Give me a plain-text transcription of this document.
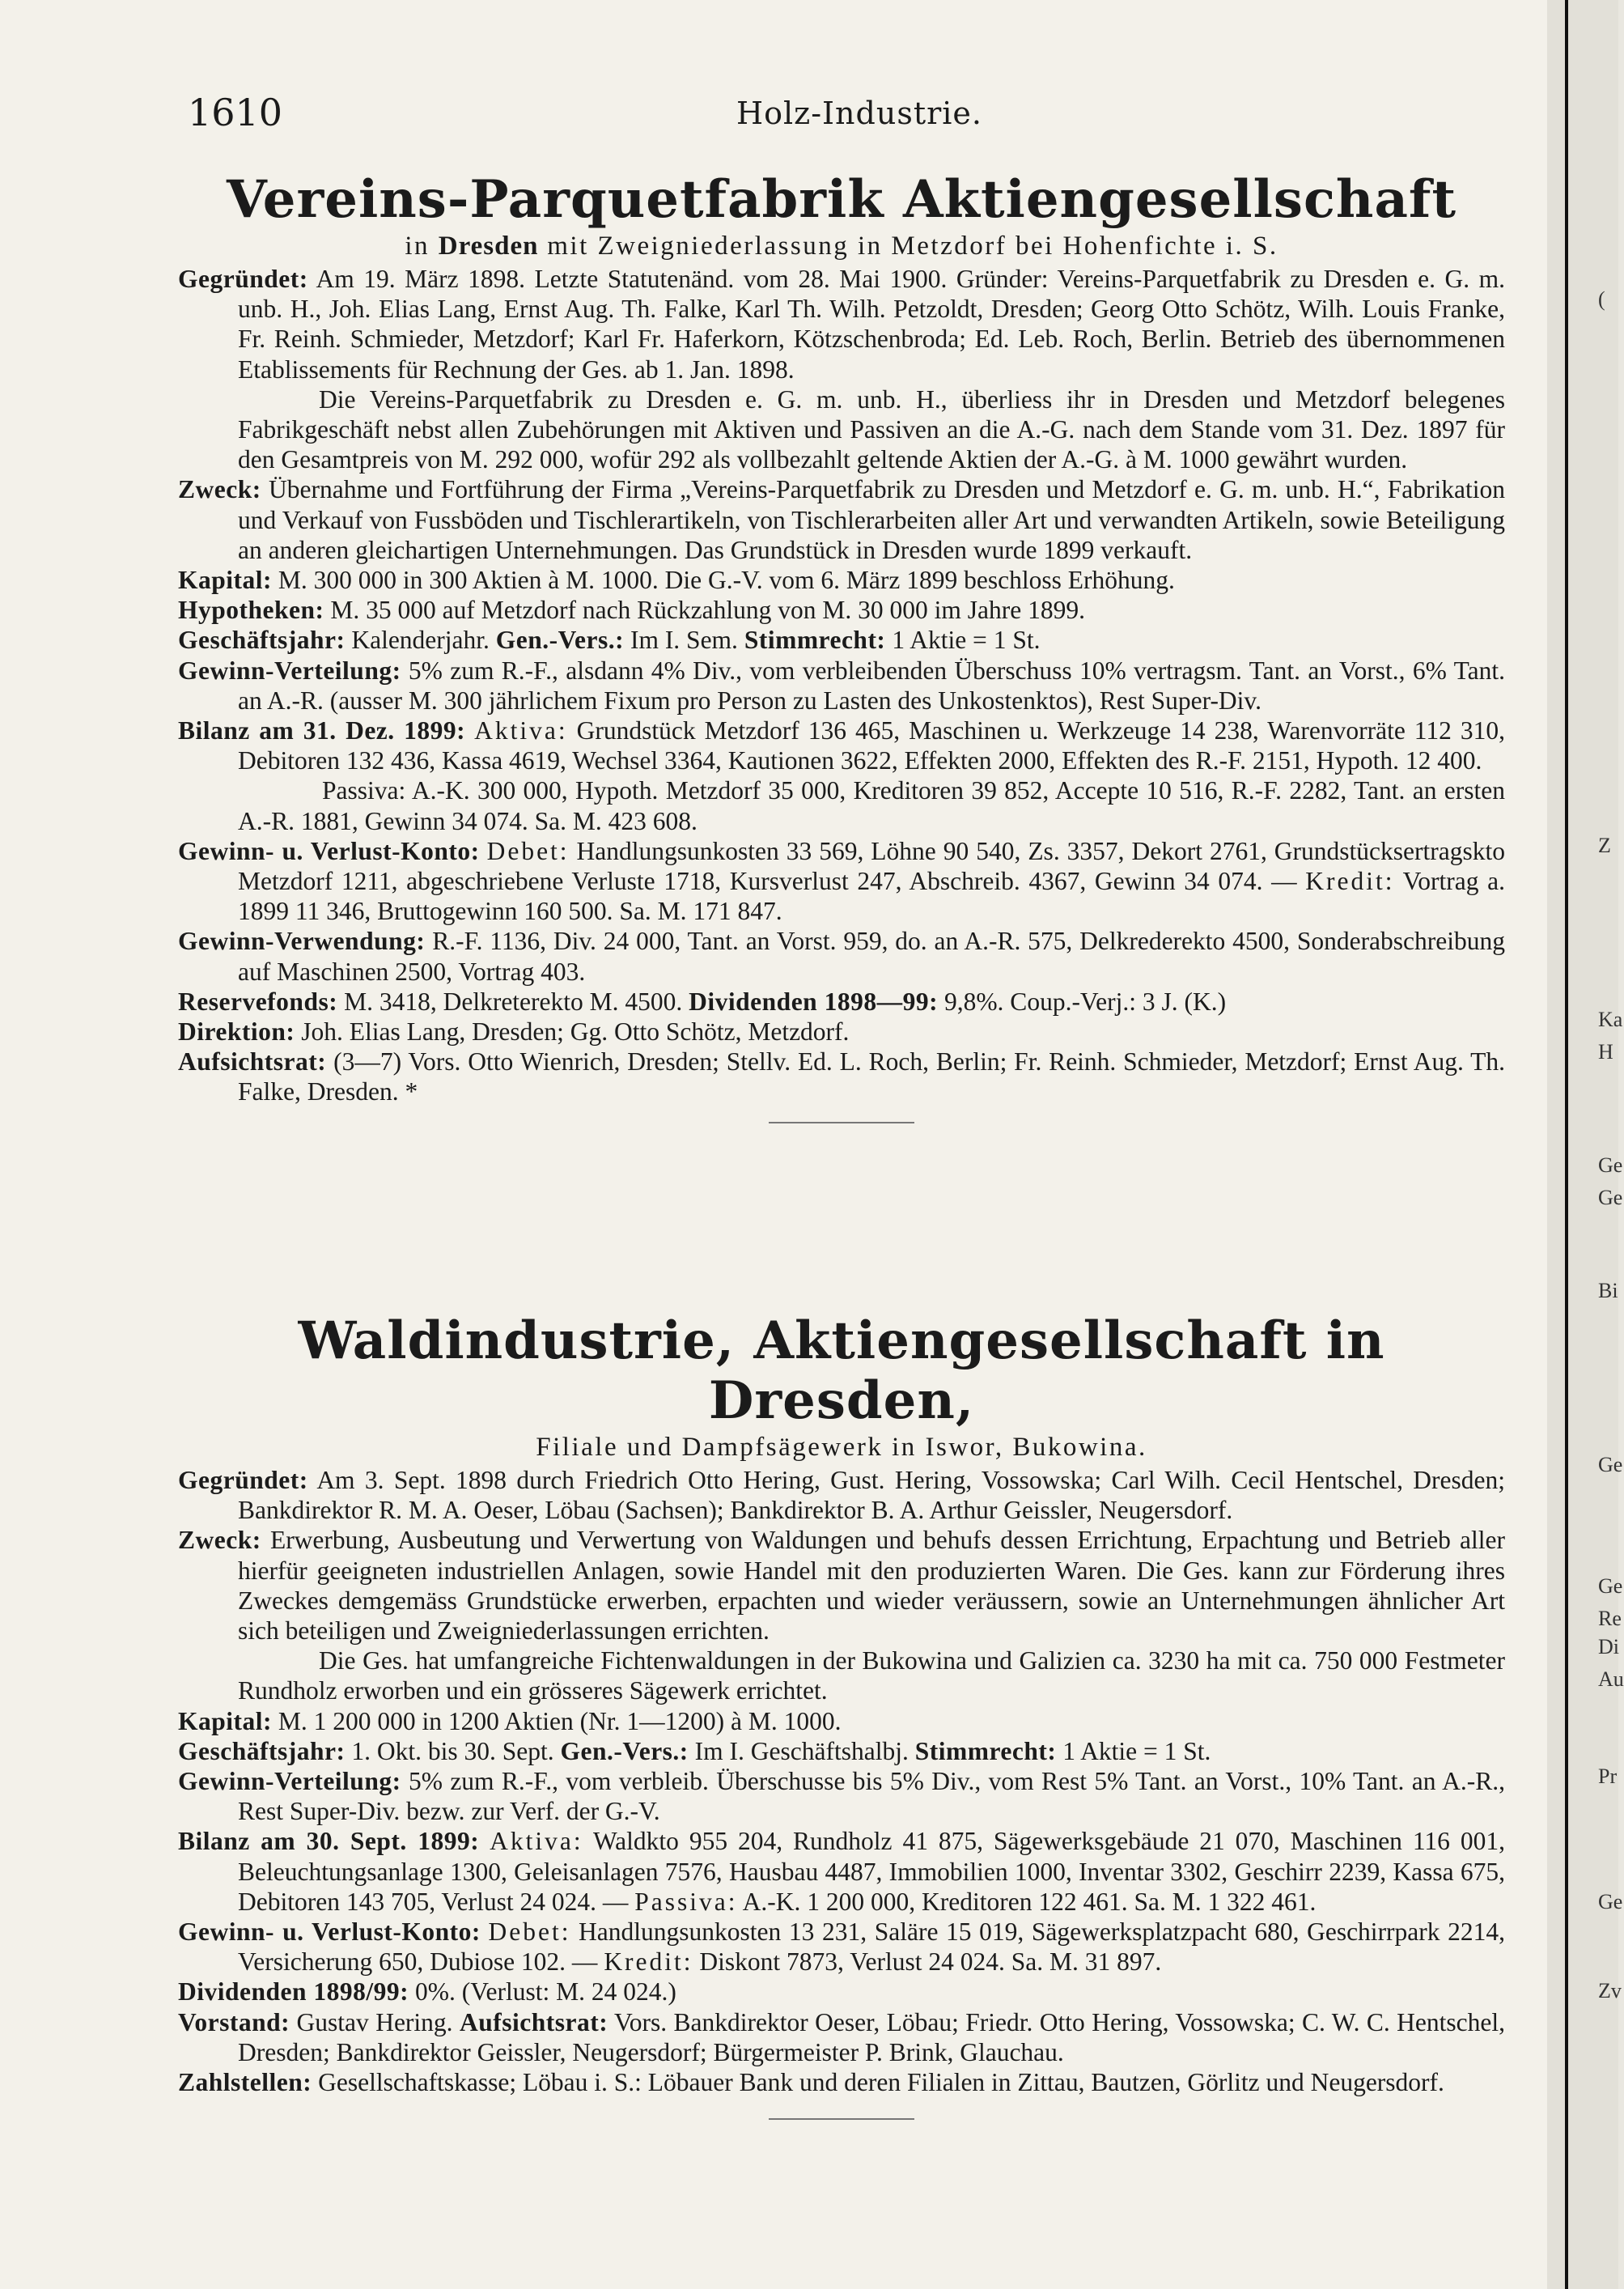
(
Z
Ka
H
Ge
Ge
Bi
Ge
Ge
Re
Di
Au
Pr
Ge
Zv
1610	Holz-Industrie.
Vereins-Parquetfabrik Aktiengesellschaft
in Dresden mit Zweigniederlassung in Metzdorf bei Hohenfichte i. S.

Gegründet: Am 19. März 1898. Letzte Statutenänd. vom 28. Mai 1900. Gründer: Vereins-Parquetfabrik zu Dresden e. G. m. unb. H., Joh. Elias Lang, Ernst Aug. Th. Falke, Karl Th. Wilh. Petzoldt, Dresden; Georg Otto Schötz, Wilh. Louis Franke, Fr. Reinh. Schmieder, Metzdorf; Karl Fr. Haferkorn, Kötzschenbroda; Ed. Leb. Roch, Berlin. Betrieb des übernommenen Etablissements für Rechnung der Ges. ab 1. Jan. 1898.

Die Vereins-Parquetfabrik zu Dresden e. G. m. unb. H., überliess ihr in Dresden und Metzdorf belegenes Fabrikgeschäft nebst allen Zubehörungen mit Aktiven und Passiven an die A.-G. nach dem Stande vom 31. Dez. 1897 für den Gesamtpreis von M. 292 000, wofür 292 als vollbezahlt geltende Aktien der A.-G. à M. 1000 gewährt wurden.

Zweck: Übernahme und Fortführung der Firma „Vereins-Parquetfabrik zu Dresden und Metzdorf e. G. m. unb. H.“, Fabrikation und Verkauf von Fussböden und Tischlerartikeln, von Tischlerarbeiten aller Art und verwandten Artikeln, sowie Beteiligung an anderen gleichartigen Unternehmungen. Das Grundstück in Dresden wurde 1899 verkauft.

Kapital: M. 300 000 in 300 Aktien à M. 1000. Die G.-V. vom 6. März 1899 beschloss Erhöhung.

Hypotheken: M. 35 000 auf Metzdorf nach Rückzahlung von M. 30 000 im Jahre 1899.

Geschäftsjahr: Kalenderjahr. Gen.-Vers.: Im I. Sem. Stimmrecht: 1 Aktie = 1 St.

Gewinn-Verteilung: 5% zum R.-F., alsdann 4% Div., vom verbleibenden Überschuss 10% vertragsm. Tant. an Vorst., 6% Tant. an A.-R. (ausser M. 300 jährlichem Fixum pro Person zu Lasten des Unkostenktos), Rest Super-Div.

Bilanz am 31. Dez. 1899: Aktiva: Grundstück Metzdorf 136 465, Maschinen u. Werkzeuge 14 238, Warenvorräte 112 310, Debitoren 132 436, Kassa 4619, Wechsel 3364, Kautionen 3622, Effekten 2000, Effekten des R.-F. 2151, Hypoth. 12 400.

Passiva: A.-K. 300 000, Hypoth. Metzdorf 35 000, Kreditoren 39 852, Accepte 10 516, R.-F. 2282, Tant. an ersten A.-R. 1881, Gewinn 34 074. Sa. M. 423 608.

Gewinn- u. Verlust-Konto: Debet: Handlungsunkosten 33 569, Löhne 90 540, Zs. 3357, Dekort 2761, Grundstücksertragskto Metzdorf 1211, abgeschriebene Verluste 1718, Kursverlust 247, Abschreib. 4367, Gewinn 34 074. — Kredit: Vortrag a. 1899 11 346, Bruttogewinn 160 500. Sa. M. 171 847.

Gewinn-Verwendung: R.-F. 1136, Div. 24 000, Tant. an Vorst. 959, do. an A.-R. 575, Delkrederekto 4500, Sonderabschreibung auf Maschinen 2500, Vortrag 403.

Reservefonds: M. 3418, Delkreterekto M. 4500. Dividenden 1898—99: 9,8%. Coup.-Verj.: 3 J. (K.)

Direktion: Joh. Elias Lang, Dresden; Gg. Otto Schötz, Metzdorf.

Aufsichtsrat: (3—7) Vors. Otto Wienrich, Dresden; Stellv. Ed. L. Roch, Berlin; Fr. Reinh. Schmieder, Metzdorf; Ernst Aug. Th. Falke, Dresden. *

Waldindustrie, Aktiengesellschaft in Dresden,
Filiale und Dampfsägewerk in Iswor, Bukowina.

Gegründet: Am 3. Sept. 1898 durch Friedrich Otto Hering, Gust. Hering, Vossowska; Carl Wilh. Cecil Hentschel, Dresden; Bankdirektor R. M. A. Oeser, Löbau (Sachsen); Bankdirektor B. A. Arthur Geissler, Neugersdorf.

Zweck: Erwerbung, Ausbeutung und Verwertung von Waldungen und behufs dessen Errichtung, Erpachtung und Betrieb aller hierfür geeigneten industriellen Anlagen, sowie Handel mit den produzierten Waren. Die Ges. kann zur Förderung ihres Zweckes demgemäss Grundstücke erwerben, erpachten und wieder veräussern, sowie an Unternehmungen ähnlicher Art sich beteiligen und Zweigniederlassungen errichten.

Die Ges. hat umfangreiche Fichtenwaldungen in der Bukowina und Galizien ca. 3230 ha mit ca. 750 000 Festmeter Rundholz erworben und ein grösseres Sägewerk errichtet.

Kapital: M. 1 200 000 in 1200 Aktien (Nr. 1—1200) à M. 1000.

Geschäftsjahr: 1. Okt. bis 30. Sept. Gen.-Vers.: Im I. Geschäftshalbj. Stimmrecht: 1 Aktie = 1 St.

Gewinn-Verteilung: 5% zum R.-F., vom verbleib. Überschusse bis 5% Div., vom Rest 5% Tant. an Vorst., 10% Tant. an A.-R., Rest Super-Div. bezw. zur Verf. der G.-V.

Bilanz am 30. Sept. 1899: Aktiva: Waldkto 955 204, Rundholz 41 875, Sägewerksgebäude 21 070, Maschinen 116 001, Beleuchtungsanlage 1300, Geleisanlagen 7576, Hausbau 4487, Immobilien 1000, Inventar 3302, Geschirr 2239, Kassa 675, Debitoren 143 705, Verlust 24 024. — Passiva: A.-K. 1 200 000, Kreditoren 122 461. Sa. M. 1 322 461.

Gewinn- u. Verlust-Konto: Debet: Handlungsunkosten 13 231, Saläre 15 019, Sägewerksplatzpacht 680, Geschirrpark 2214, Versicherung 650, Dubiose 102. — Kredit: Diskont 7873, Verlust 24 024. Sa. M. 31 897.

Dividenden 1898/99: 0%. (Verlust: M. 24 024.)

Vorstand: Gustav Hering. Aufsichtsrat: Vors. Bankdirektor Oeser, Löbau; Friedr. Otto Hering, Vossowska; C. W. C. Hentschel, Dresden; Bankdirektor Geissler, Neugersdorf; Bürgermeister P. Brink, Glauchau.

Zahlstellen: Gesellschaftskasse; Löbau i. S.: Löbauer Bank und deren Filialen in Zittau, Bautzen, Görlitz und Neugersdorf.
